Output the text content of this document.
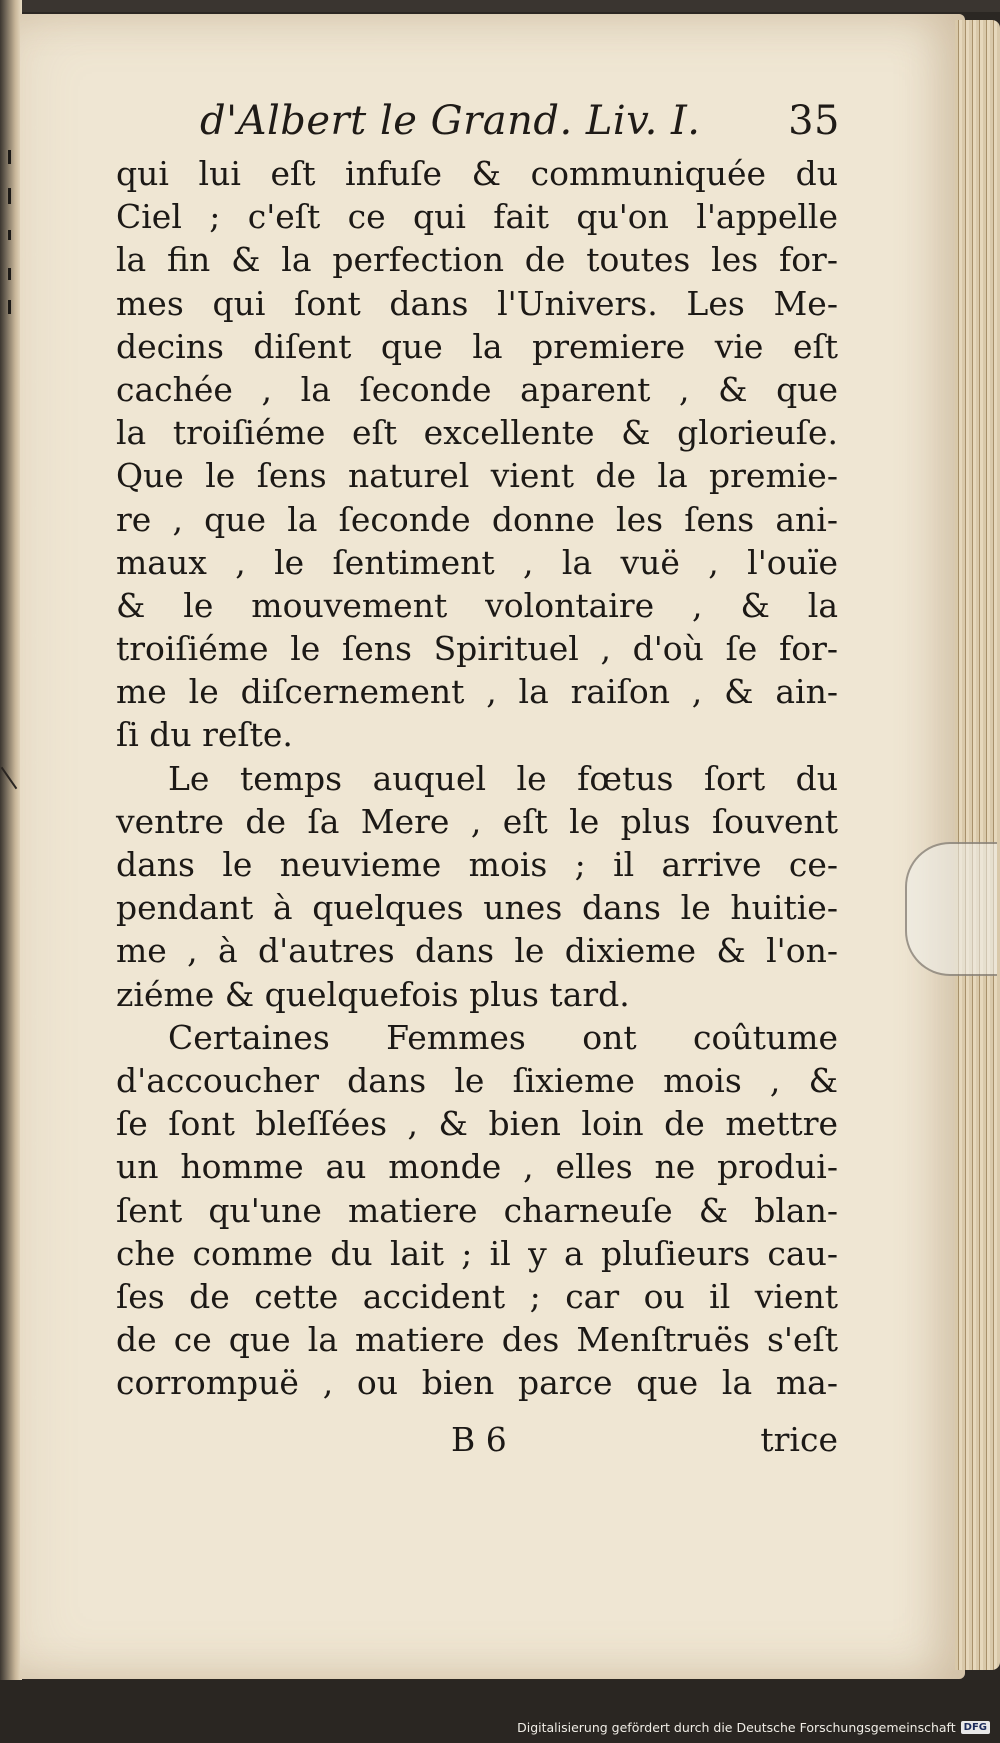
d'Albert le Grand. Liv. I. 35
qui lui eſt infuſe & communiquée du
Ciel ; c'eſt ce qui fait qu'on l'appelle
la fin & la perfection de toutes les for-
mes qui ſont dans l'Univers. Les Me-
decins diſent que la premiere vie eſt
cachée , la ſeconde aparent , & que
la troiſiéme eſt excellente & glorieuſe.
Que le ſens naturel vient de la premie-
re , que la ſeconde donne les ſens ani-
maux , le ſentiment , la vuë , l'ouïe
& le mouvement volontaire , & la
troiſiéme le ſens Spirituel , d'où ſe for-
me le diſcernement , la raiſon , & ain-
ſi du reſte.
Le temps auquel le fœtus ſort du
ventre de ſa Mere , eſt le plus ſouvent
dans le neuvieme mois ; il arrive ce-
pendant à quelques unes dans le huitie-
me , à d'autres dans le dixieme & l'on-
ziéme & quelquefois plus tard.
Certaines Femmes ont coûtume
d'accoucher dans le ſixieme mois , &
ſe ſont bleſſées , & bien loin de mettre
un homme au monde , elles ne produi-
ſent qu'une matiere charneuſe & blan-
che comme du lait ; il y a pluſieurs cau-
ſes de cette accident ; car ou il vient
de ce que la matiere des Menſtruës s'eſt
corrompuë , ou bien parce que la ma-
B 6	trice
Digitalisierung gefördert durch die Deutsche Forschungsgemeinschaft DFG
